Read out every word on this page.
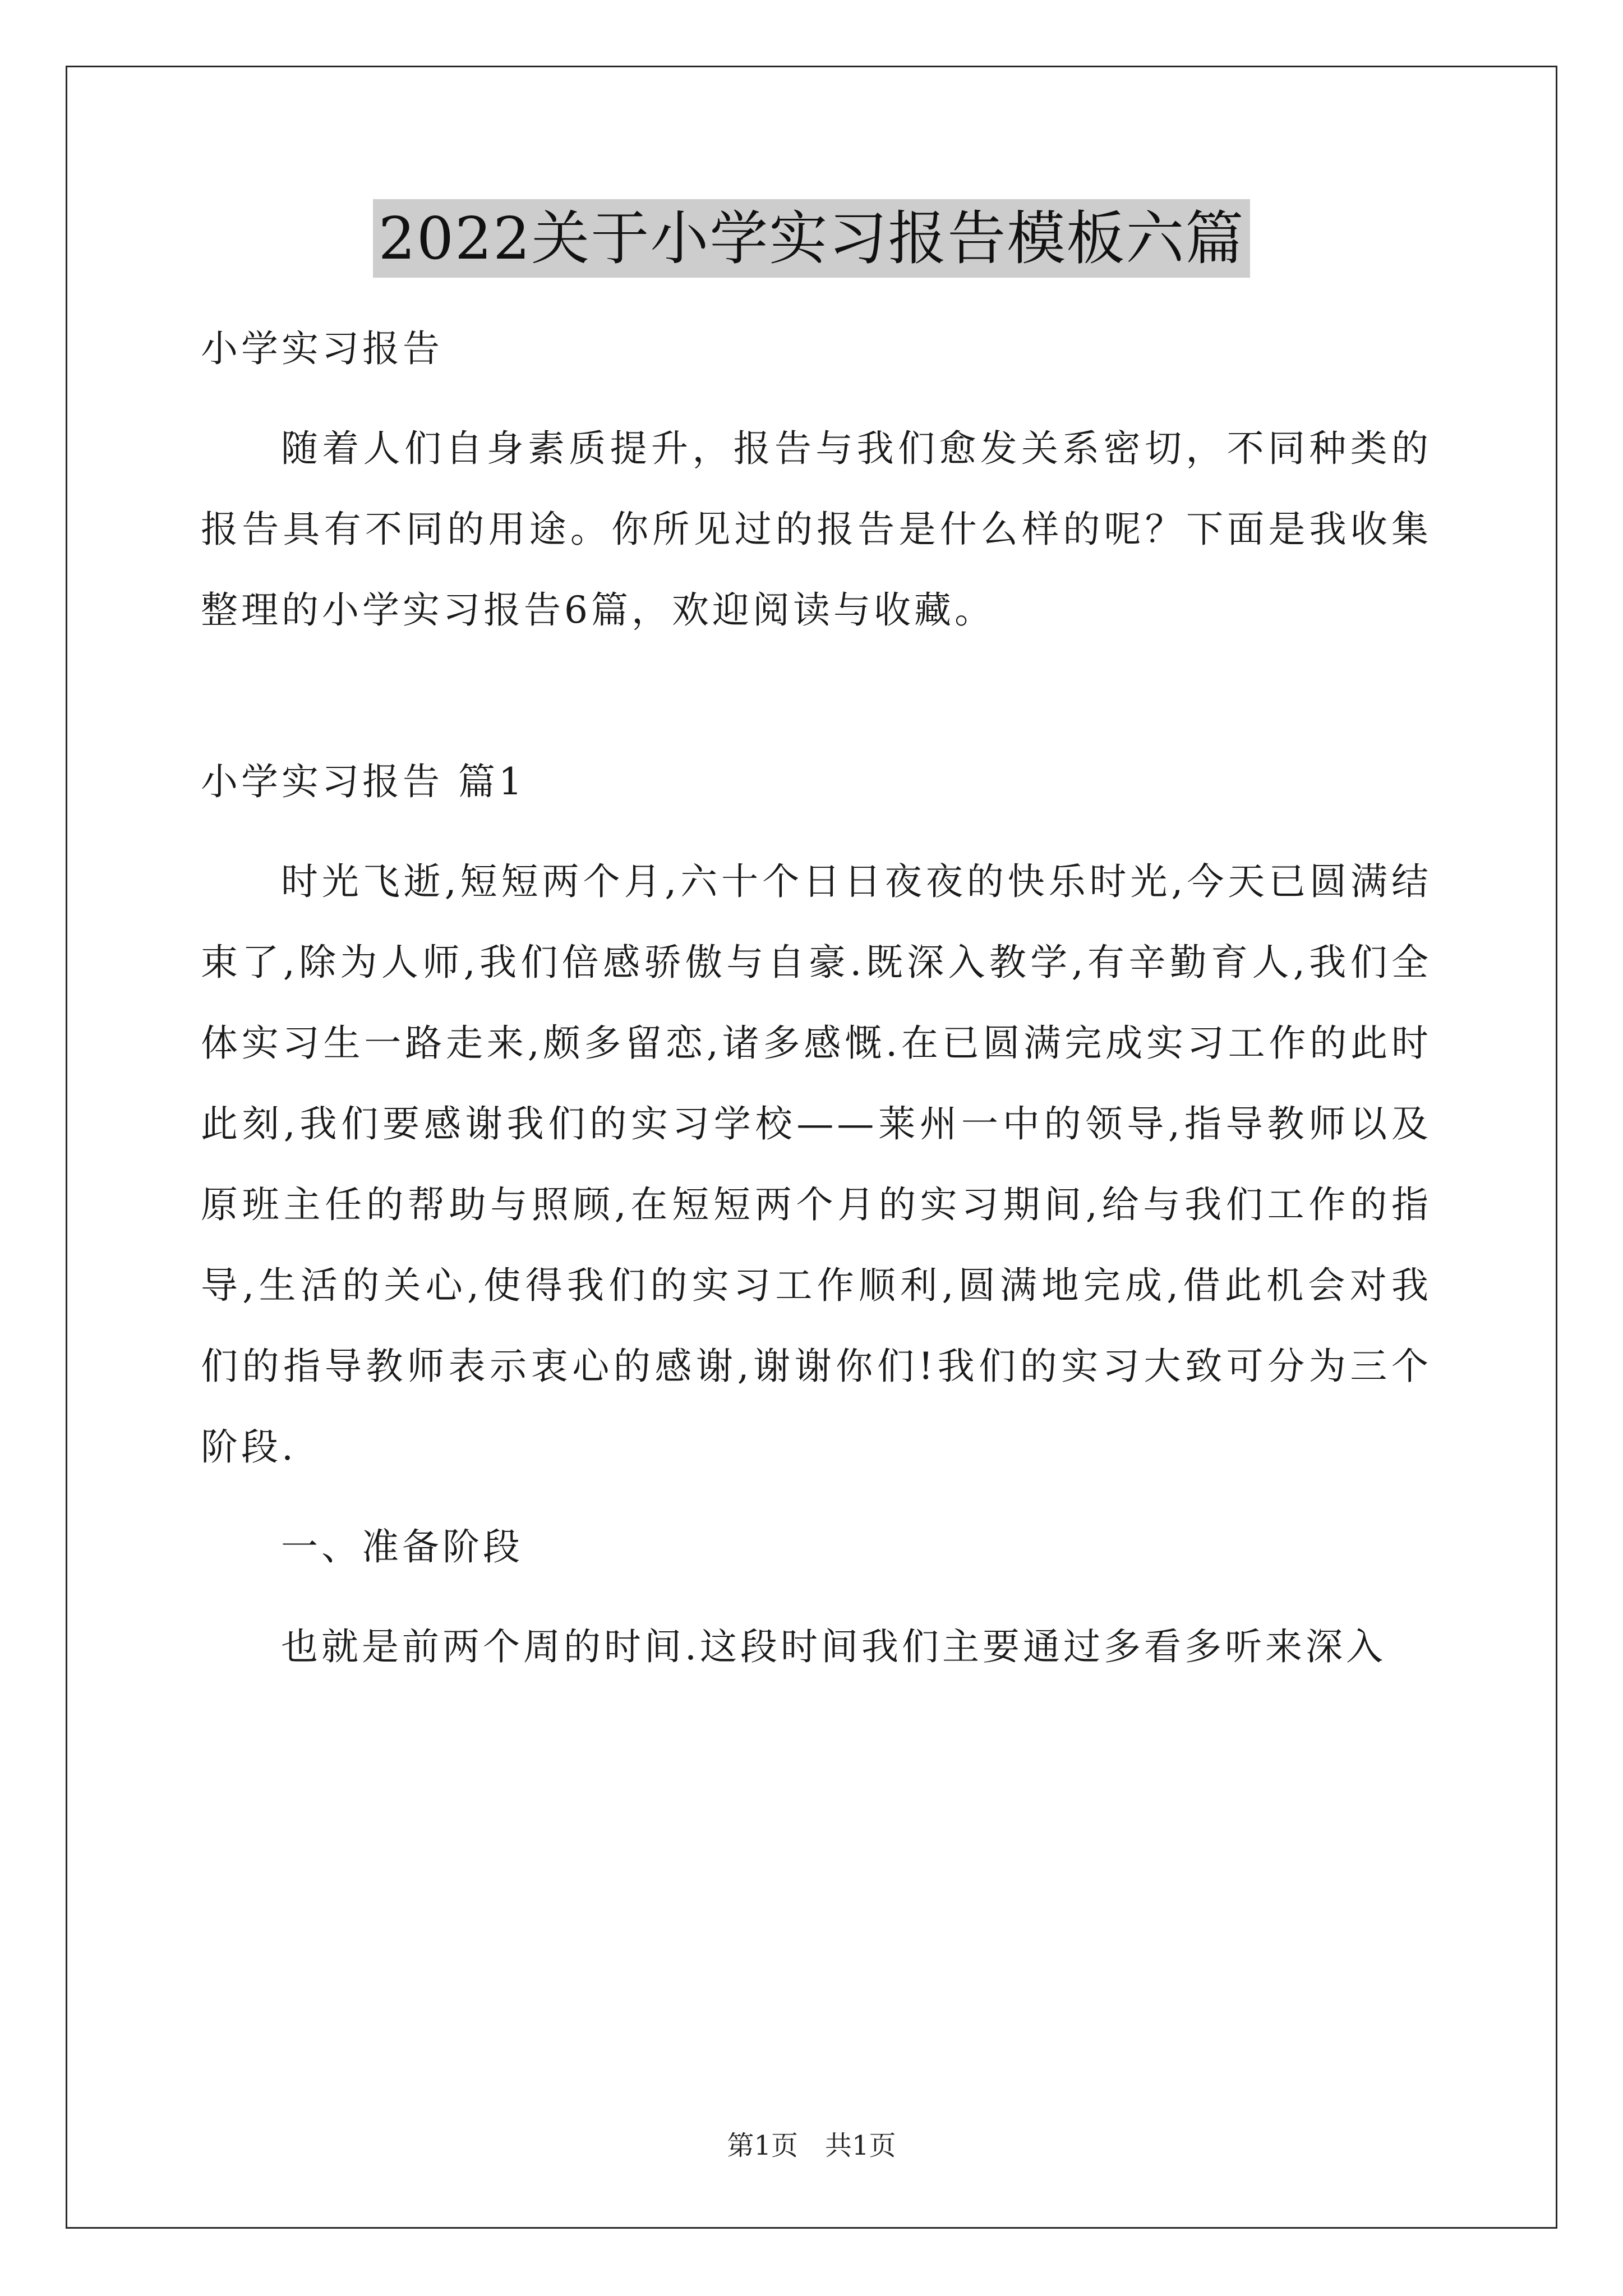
2022关于小学实习报告模板六篇

小学实习报告

随着人们自身素质提升，报告与我们愈发关系密切，不同种类的报告具有不同的用途。你所见过的报告是什么样的呢？下面是我收集整理的小学实习报告6篇，欢迎阅读与收藏。

小学实习报告 篇1

时光飞逝,短短两个月,六十个日日夜夜的快乐时光,今天已圆满结束了,除为人师,我们倍感骄傲与自豪.既深入教学,有辛勤育人,我们全体实习生一路走来,颇多留恋,诸多感慨.在已圆满完成实习工作的此时此刻,我们要感谢我们的实习学校——莱州一中的领导,指导教师以及原班主任的帮助与照顾,在短短两个月的实习期间,给与我们工作的指导,生活的关心,使得我们的实习工作顺利,圆满地完成,借此机会对我们的指导教师表示衷心的感谢,谢谢你们!我们的实习大致可分为三个阶段.

一、准备阶段

也就是前两个周的时间.这段时间我们主要通过多看多听来深入

第1页　共1页
